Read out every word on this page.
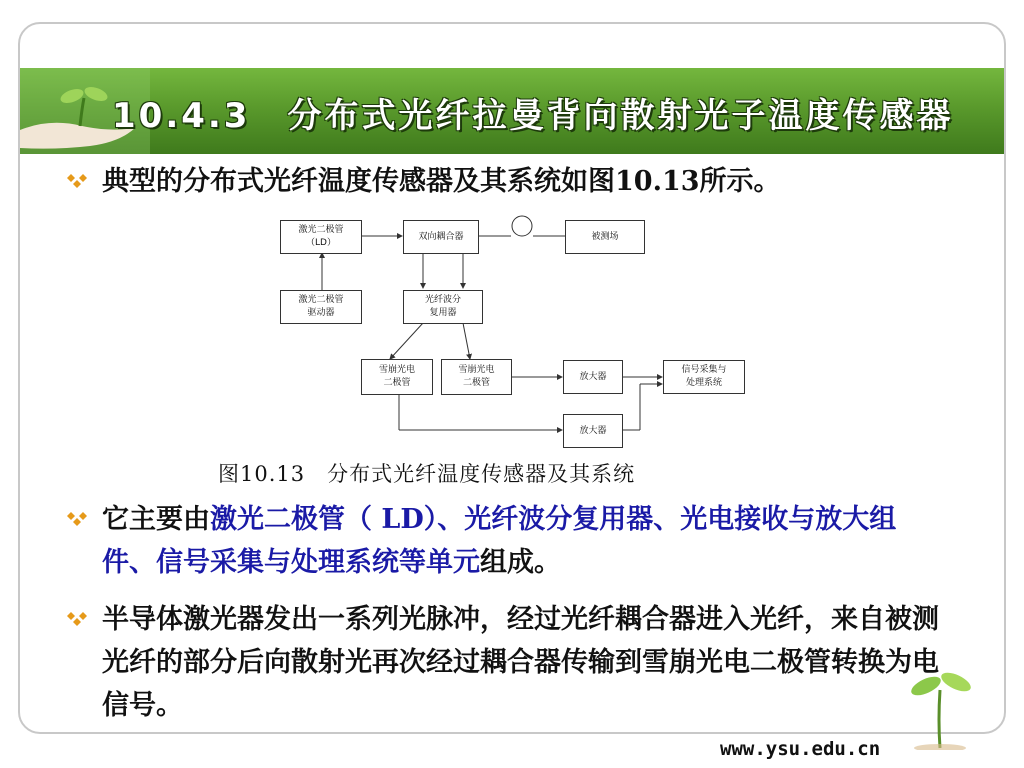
10.4.3　分布式光纤拉曼背向散射光子温度传感器
典型的分布式光纤温度传感器及其系统如图10.13所示。
激光二极管
（LD）
双向耦合器	被测场
激光二极管
驱动器
光纤波分
复用器
雪崩光电
二极管
雪崩光电
二极管
放大器
放大器
信号采集与
处理系统
图10.13　分布式光纤温度传感器及其系统
它主要由激光二极管（ LD）、光纤波分复用器、光电接收与放大组件、信号采集与处理系统等单元组成。
半导体激光器发出一系列光脉冲，经过光纤耦合器进入光纤，来自被测光纤的部分后向散射光再次经过耦合器传输到雪崩光电二极管转换为电信号。
www.ysu.edu.cn
